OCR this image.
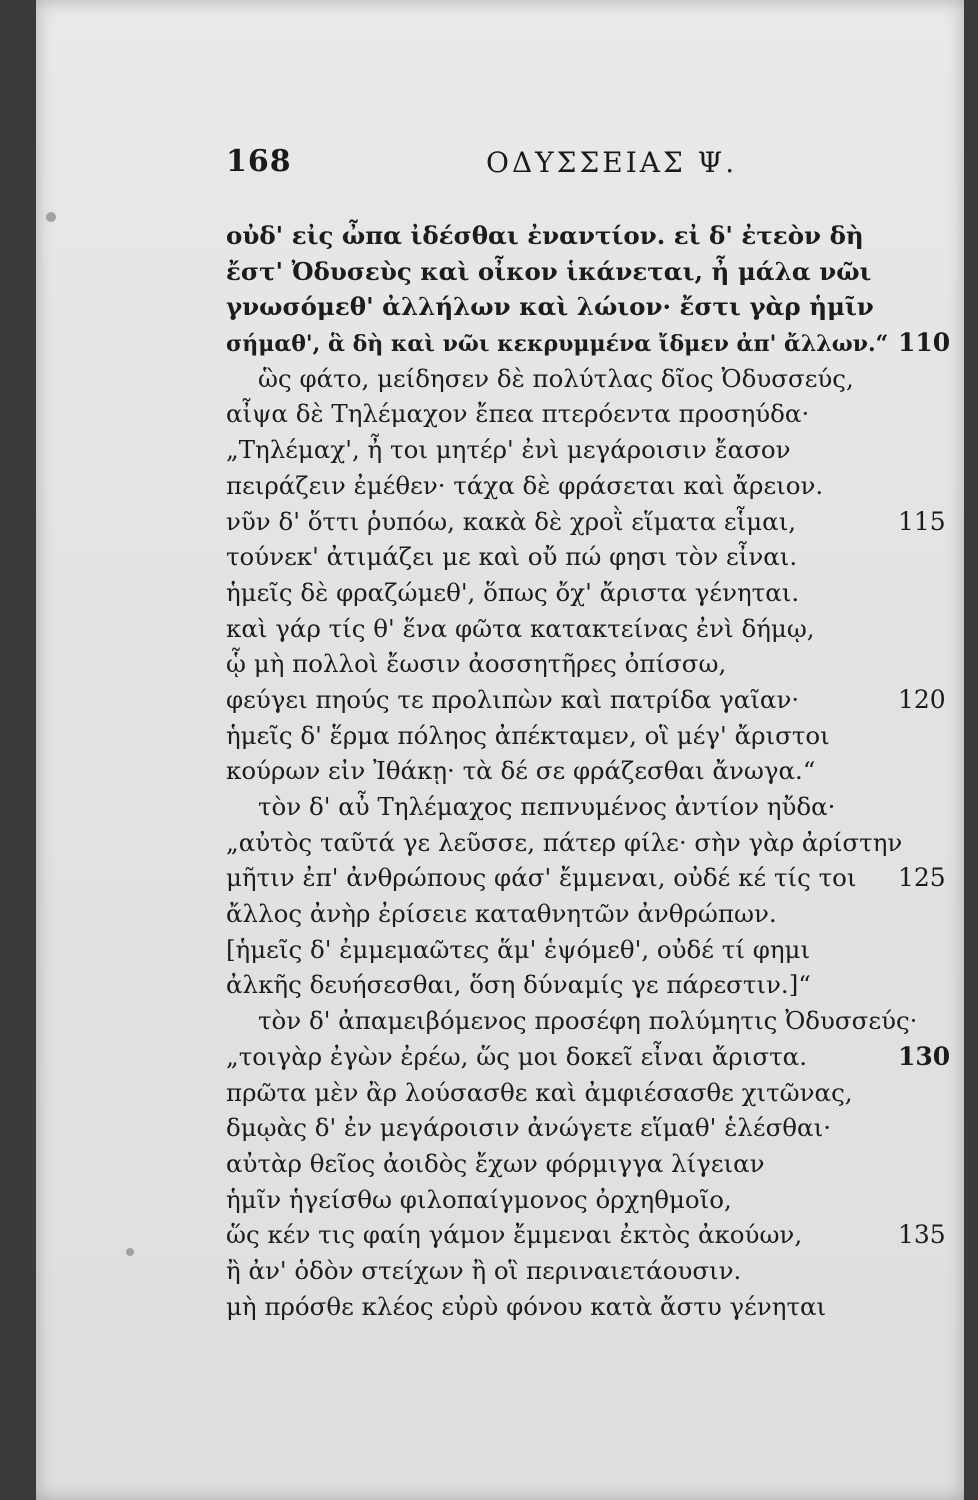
168	ΟΔΥΣΣΕΙΑΣ Ψ.
οὐδ' εἰς ὦπα ἰδέσθαι ἐναντίον. εἰ δ' ἐτεὸν δὴ
ἔστ' Ὀδυσεὺς καὶ οἶκον ἱκάνεται, ἦ μάλα νῶι
γνωσόμεθ' ἀλλήλων καὶ λώιον· ἔστι γὰρ ἡμῖν
σήμαθ', ἃ δὴ καὶ νῶι κεκρυμμένα ἴδμεν ἀπ' ἄλλων.“ 110
ὣς φάτο, μείδησεν δὲ πολύτλας δῖος Ὀδυσσεύς,
αἶψα δὲ Τηλέμαχον ἔπεα πτερόεντα προσηύδα·
„Τηλέμαχ', ἦ τοι μητέρ' ἐνὶ μεγάροισιν ἔασον
πειράζειν ἐμέθεν· τάχα δὲ φράσεται καὶ ἄρειον.
νῦν δ' ὅττι ῥυπόω, κακὰ δὲ χροῒ εἵματα εἷμαι,	115
τούνεκ' ἀτιμάζει με καὶ οὔ πώ φησι τὸν εἶναι.
ἡμεῖς δὲ φραζώμεθ', ὅπως ὄχ' ἄριστα γένηται.
καὶ γάρ τίς θ' ἕνα φῶτα κατακτείνας ἐνὶ δήμῳ,
ᾧ μὴ πολλοὶ ἔωσιν ἀοσσητῆρες ὀπίσσω,
φεύγει πηούς τε προλιπὼν καὶ πατρίδα γαῖαν·	120
ἡμεῖς δ' ἕρμα πόληος ἀπέκταμεν, οἳ μέγ' ἄριστοι
κούρων εἰν Ἰθάκῃ· τὰ δέ σε φράζεσθαι ἄνωγα.“
τὸν δ' αὖ Τηλέμαχος πεπνυμένος ἀντίον ηὔδα·
„αὐτὸς ταῦτά γε λεῦσσε, πάτερ φίλε· σὴν γὰρ ἀρίστην
μῆτιν ἐπ' ἀνθρώπους φάσ' ἔμμεναι, οὐδέ κέ τίς τοι 125
ἄλλος ἀνὴρ ἐρίσειε καταθνητῶν ἀνθρώπων.
[ἡμεῖς δ' ἐμμεμαῶτες ἅμ' ἑψόμεθ', οὐδέ τί φημι
ἀλκῆς δευήσεσθαι, ὅση δύναμίς γε πάρεστιν.]“
τὸν δ' ἀπαμειβόμενος προσέφη πολύμητις Ὀδυσσεύς·
„τοιγὰρ ἐγὼν ἐρέω, ὥς μοι δοκεῖ εἶναι ἄριστα.	130
πρῶτα μὲν ἂρ λούσασθε καὶ ἀμφιέσασθε χιτῶνας,
δμῳὰς δ' ἐν μεγάροισιν ἀνώγετε εἵμαθ' ἑλέσθαι·
αὐτὰρ θεῖος ἀοιδὸς ἔχων φόρμιγγα λίγειαν
ἡμῖν ἡγείσθω φιλοπαίγμονος ὀρχηθμοῖο,
ὥς κέν τις φαίη γάμον ἔμμεναι ἐκτὸς ἀκούων,	135
ἢ ἀν' ὁδὸν στείχων ἢ οἳ περιναιετάουσιν.
μὴ πρόσθε κλέος εὐρὺ φόνου κατὰ ἄστυ γένηται
